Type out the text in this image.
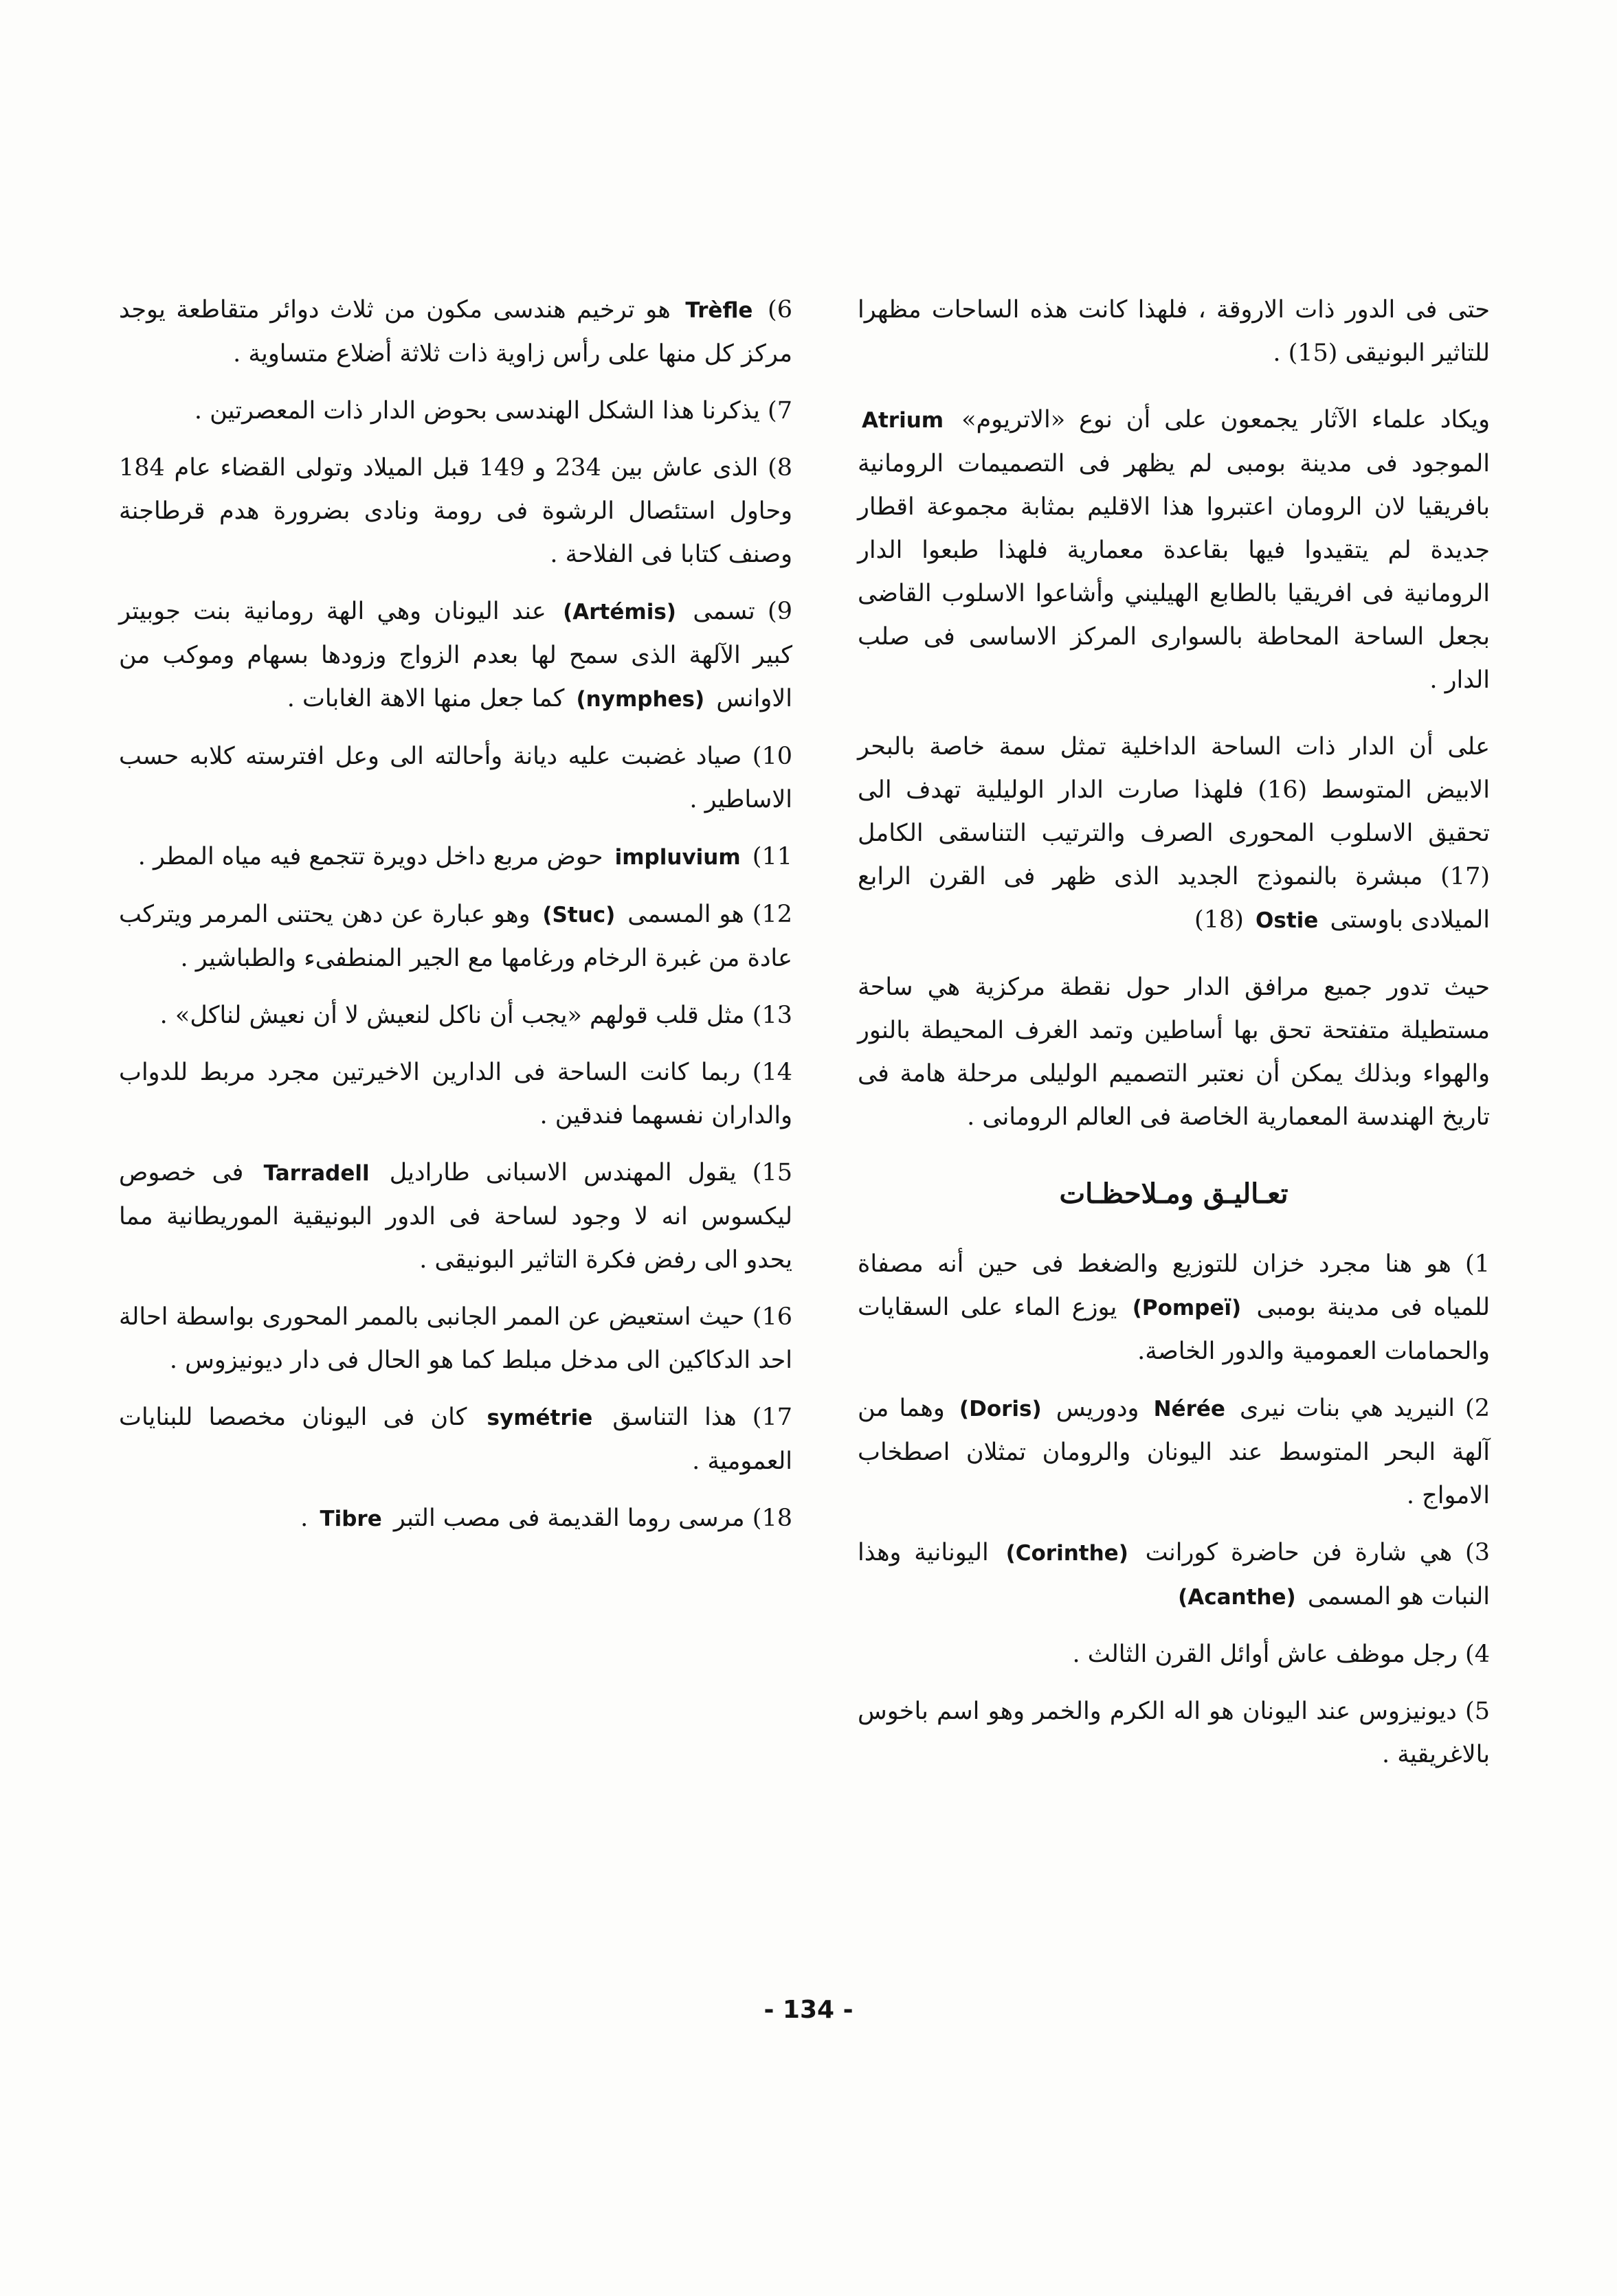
حتى فى الدور ذات الاروقة ، فلهذا كانت هذه الساحات مظهرا للتاثير البونيقى (15) .

ويكاد علماء الآثار يجمعون على أن نوع «الاتريوم» Atrium الموجود فى مدينة بومبى لم يظهر فى التصميمات الرومانية بافريقيا لان الرومان اعتبروا هذا الاقليم بمثابة مجموعة اقطار جديدة لم يتقيدوا فيها بقاعدة معمارية فلهذا طبعوا الدار الرومانية فى افريقيا بالطابع الهيليني وأشاعوا الاسلوب القاضى بجعل الساحة المحاطة بالسوارى المركز الاساسى فى صلب الدار .

على أن الدار ذات الساحة الداخلية تمثل سمة خاصة بالبحر الابيض المتوسط (16) فلهذا صارت الدار الوليلية تهدف الى تحقيق الاسلوب المحورى الصرف والترتيب التناسقى الكامل (17) مبشرة بالنموذج الجديد الذى ظهر فى القرن الرابع الميلادى باوستى Ostie (18)

حيث تدور جميع مرافق الدار حول نقطة مركزية هي ساحة مستطيلة متفتحة تحق بها أساطين وتمد الغرف المحيطة بالنور والهواء وبذلك يمكن أن نعتبر التصميم الوليلى مرحلة هامة فى تاريخ الهندسة المعمارية الخاصة فى العالم الرومانى .

تعـاليـق ومـلاحظـات

1) هو هنا مجرد خزان للتوزيع والضغط فى حين أنه مصفاة للمياه فى مدينة بومبى (Pompeï) يوزع الماء على السقايات والحمامات العمومية والدور الخاصة.

2) النيريد هي بنات نيرى Nérée ودوريس (Doris) وهما من آلهة البحر المتوسط عند اليونان والرومان تمثلان اصطخاب الامواج .

3) هي شارة فن حاضرة كورانت (Corinthe) اليونانية وهذا النبات هو المسمى (Acanthe)

4) رجل موظف عاش أوائل القرن الثالث .

5) ديونيزوس عند اليونان هو اله الكرم والخمر وهو اسم باخوس بالاغريقية .

6) Trèfle هو ترخيم هندسى مكون من ثلاث دوائر متقاطعة يوجد مركز كل منها على رأس زاوية ذات ثلاثة أضلاع متساوية .

7) يذكرنا هذا الشكل الهندسى بحوض الدار ذات المعصرتين .

8) الذى عاش بين 234 و 149 قبل الميلاد وتولى القضاء عام 184 وحاول استئصال الرشوة فى رومة ونادى بضرورة هدم قرطاجنة وصنف كتابا فى الفلاحة .

9) تسمى (Artémis) عند اليونان وهي الهة رومانية بنت جوبيتر كبير الآلهة الذى سمح لها بعدم الزواج وزودها بسهام وموكب من الاوانس (nymphes) كما جعل منها الاهة الغابات .

10) صياد غضبت عليه ديانة وأحالته الى وعل افترسته كلابه حسب الاساطير .

11) impluvium حوض مربع داخل دويرة تتجمع فيه مياه المطر .

12) هو المسمى (Stuc) وهو عبارة عن دهن يحتنى المرمر ويتركب عادة من غبرة الرخام ورغامها مع الجير المنطفىء والطباشير .

13) مثل قلب قولهم «يجب أن ناكل لنعيش لا أن نعيش لناكل» .

14) ربما كانت الساحة فى الدارين الاخيرتين مجرد مربط للدواب والداران نفسهما فندقين .

15) يقول المهندس الاسبانى طاراديل Tarradell فى خصوص ليكسوس انه لا وجود لساحة فى الدور البونيقية الموريطانية مما يحدو الى رفض فكرة التاثير البونيقى .

16) حيث استعيض عن الممر الجانبى بالممر المحورى بواسطة احالة احد الدكاكين الى مدخل مبلط كما هو الحال فى دار ديونيزوس .

17) هذا التناسق symétrie كان فى اليونان مخصصا للبنايات العمومية .

18) مرسى روما القديمة فى مصب التبر Tibre .

- 134 -
